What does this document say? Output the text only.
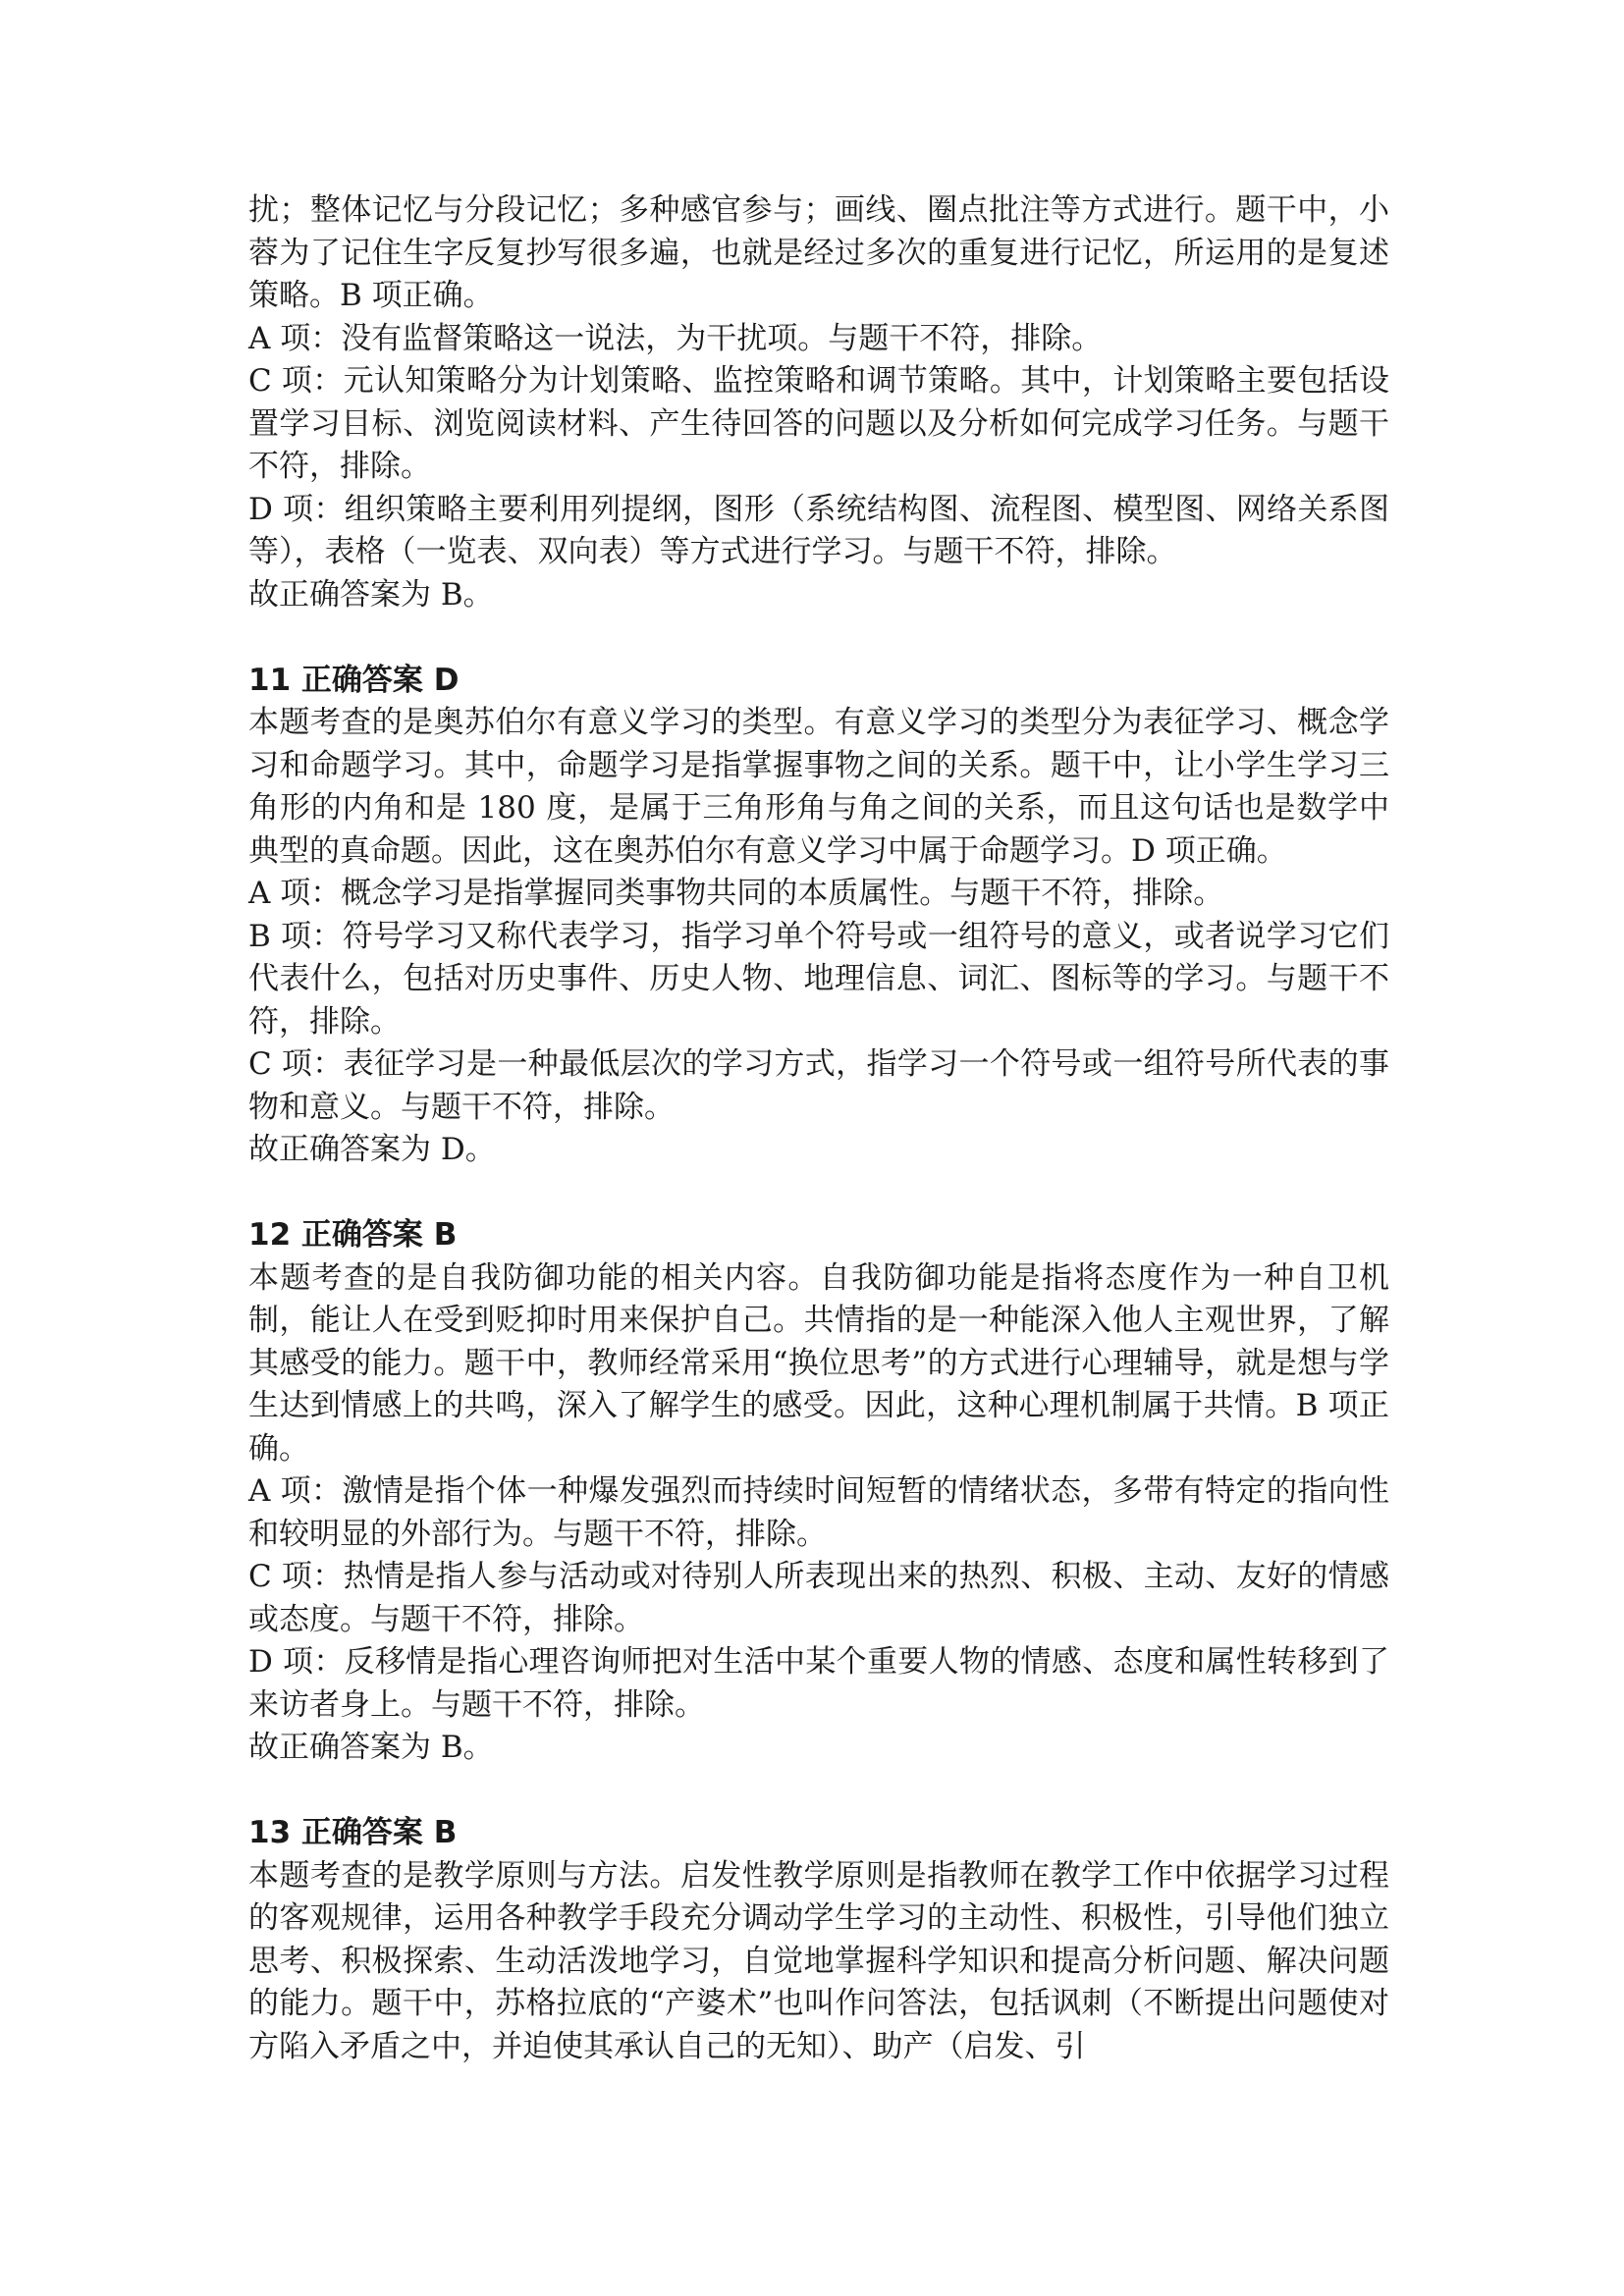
扰；整体记忆与分段记忆；多种感官参与；画线、圈点批注等方式进行。题干中，小蓉为了记住生字反复抄写很多遍，也就是经过多次的重复进行记忆，所运用的是复述策略。B 项正确。

A 项：没有监督策略这一说法，为干扰项。与题干不符，排除。

C 项：元认知策略分为计划策略、监控策略和调节策略。其中，计划策略主要包括设置学习目标、浏览阅读材料、产生待回答的问题以及分析如何完成学习任务。与题干不符，排除。

D 项：组织策略主要利用列提纲，图形（系统结构图、流程图、模型图、网络关系图等），表格（一览表、双向表）等方式进行学习。与题干不符，排除。

故正确答案为 B。

11 正确答案 D

本题考查的是奥苏伯尔有意义学习的类型。有意义学习的类型分为表征学习、概念学习和命题学习。其中，命题学习是指掌握事物之间的关系。题干中，让小学生学习三角形的内角和是 180 度，是属于三角形角与角之间的关系，而且这句话也是数学中典型的真命题。因此，这在奥苏伯尔有意义学习中属于命题学习。D 项正确。

A 项：概念学习是指掌握同类事物共同的本质属性。与题干不符，排除。

B 项：符号学习又称代表学习，指学习单个符号或一组符号的意义，或者说学习它们代表什么，包括对历史事件、历史人物、地理信息、词汇、图标等的学习。与题干不符，排除。

C 项：表征学习是一种最低层次的学习方式，指学习一个符号或一组符号所代表的事物和意义。与题干不符，排除。

故正确答案为 D。

12 正确答案 B

本题考查的是自我防御功能的相关内容。自我防御功能是指将态度作为一种自卫机制，能让人在受到贬抑时用来保护自己。共情指的是一种能深入他人主观世界，了解其感受的能力。题干中，教师经常采用“换位思考”的方式进行心理辅导，就是想与学生达到情感上的共鸣，深入了解学生的感受。因此，这种心理机制属于共情。B 项正确。

A 项：激情是指个体一种爆发强烈而持续时间短暂的情绪状态，多带有特定的指向性和较明显的外部行为。与题干不符，排除。

C 项：热情是指人参与活动或对待别人所表现出来的热烈、积极、主动、友好的情感或态度。与题干不符，排除。

D 项：反移情是指心理咨询师把对生活中某个重要人物的情感、态度和属性转移到了来访者身上。与题干不符，排除。

故正确答案为 B。

13 正确答案 B

本题考查的是教学原则与方法。启发性教学原则是指教师在教学工作中依据学习过程的客观规律，运用各种教学手段充分调动学生学习的主动性、积极性，引导他们独立思考、积极探索、生动活泼地学习，自觉地掌握科学知识和提高分析问题、解决问题的能力。题干中，苏格拉底的“产婆术”也叫作问答法，包括讽刺（不断提出问题使对方陷入矛盾之中，并迫使其承认自己的无知）、助产（启发、引
